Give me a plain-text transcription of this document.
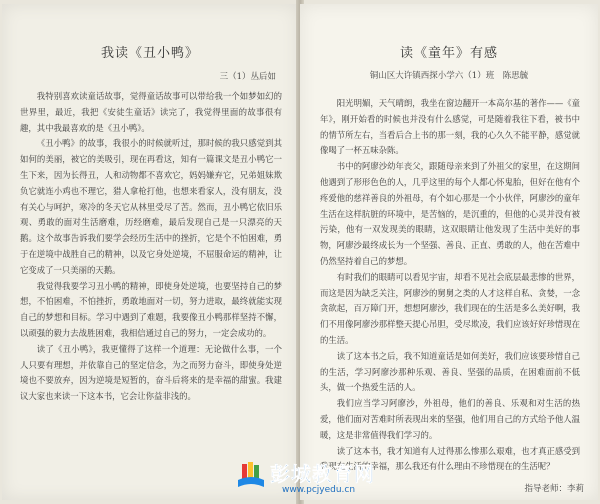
我读《丑小鸭》
三（1）丛后如

我特别喜欢读童话故事，觉得童话故事可以带给我一个如梦如幻的世界里，最近，我把《安徒生童话》读完了，我觉得里面的故事很有趣，其中我最喜欢的是《丑小鸭》。

《丑小鸭》的故事，我很小的时候就听过，那时候的我只感觉到其如何的美丽，被它的美吸引，现在再看这，知有一篇课文是丑小鸭它一生下来，因为长得丑，人和动物都不喜欢它，妈妈嫌弃它，兄弟姐妹欺负它就连小鸡也不理它，猎人拿枪打他，也想来看家人，没有朋友，没有关心与呵护，寒冷的冬天它从林里受尽了苦。然而，丑小鸭它依旧乐观、勇敢的面对生活磨难，历经磨难，最后发现自己是一只漂亮的天鹅。这个故事告诉我们要学会经历生活中的挫折，它是个不怕困难，勇于在逆境中战胜自己的精神，以及它身处逆境，不屈服命运的精神，让它变成了一只美丽的天鹅。

我觉得我要学习丑小鸭的精神，即使身处逆境，也要坚持自己的梦想，不怕困难，不怕挫折，勇敢地面对一切，努力进取，最终就能实现自己的梦想和目标。学习中遇到了难题，我要像丑小鸭那样坚持不懈，以顽强的毅力去战胜困难，我相信通过自己的努力，一定会成功的。

读了《丑小鸭》，我更懂得了这样一个道理：无论做什么事，一个人只要有理想，并依靠自己的坚定信念，为之而努力奋斗，即使身处逆境也不要放弃，因为逆境是短暂的，奋斗后将来的是幸福的甜蜜。我建议大家也来读一下这本书，它会让你益非浅的。

读《童年》有感
铜山区大许镇西探小学六（1）班　陈思毓

阳光明媚，天气晴朗，我坐在窗边翻开一本高尔基的著作——《童年》，刚开始看的时候也并没有什么感觉，可是随着我往下看，被书中的情节所左右，当看后合上书的那一刻，我的心久久不能平静，感觉就像喝了一杯五味杂陈。

书中的阿廖沙幼年丧父，跟随母亲来到了外祖父的家里，在这期间他遇到了形形色色的人，几乎这里的每个人都心怀鬼胎，但好在他有个疼爱他的慈祥善良的外祖母，有个如心那是一个小伙伴，阿廖沙的童年生活在这样肮脏的环境中，是苦恼的，是沉重的，但他的心灵并没有被污染，他有一双发现美的眼睛，这双眼睛让他发现了生活中美好的事物，阿廖沙最终成长为一个坚强、善良、正直、勇敢的人，他在苦难中仍然坚持着自己的梦想。

有时我们的眼睛可以看见宇宙，却看不见社会底层最悲惨的世界，而这是因为缺乏关注，阿廖沙的舅舅之类的人才这样自私、贪婪，一念贪欲起，百万障门开，想想阿廖沙，我们现在的生活是多么美好啊，我们不用像阿廖沙那样整天提心吊胆，受尽欺凌，我们应该好好珍惜现在的生活。

读了这本书之后，我不知道童话是如何美好，我们应该要珍惜自己的生活，学习阿廖沙那种乐观、善良、坚强的品质，在困难面前不低头，做一个热爱生活的人。

我们应当学习阿廖沙，外祖母，他们的善良、乐观和对生活的热爱，他们面对苦难时所表现出来的坚强，他们用自己的方式给予他人温暖，这是非常值得我们学习的。

读了这本书，我才知道有人过得那么惨那么艰难，也才真正感受到我现在生活的幸福，那么我还有什么理由不珍惜现在的生活呢？

指导老师：李莉
彭城教育网
www.pcjyedu.cn
